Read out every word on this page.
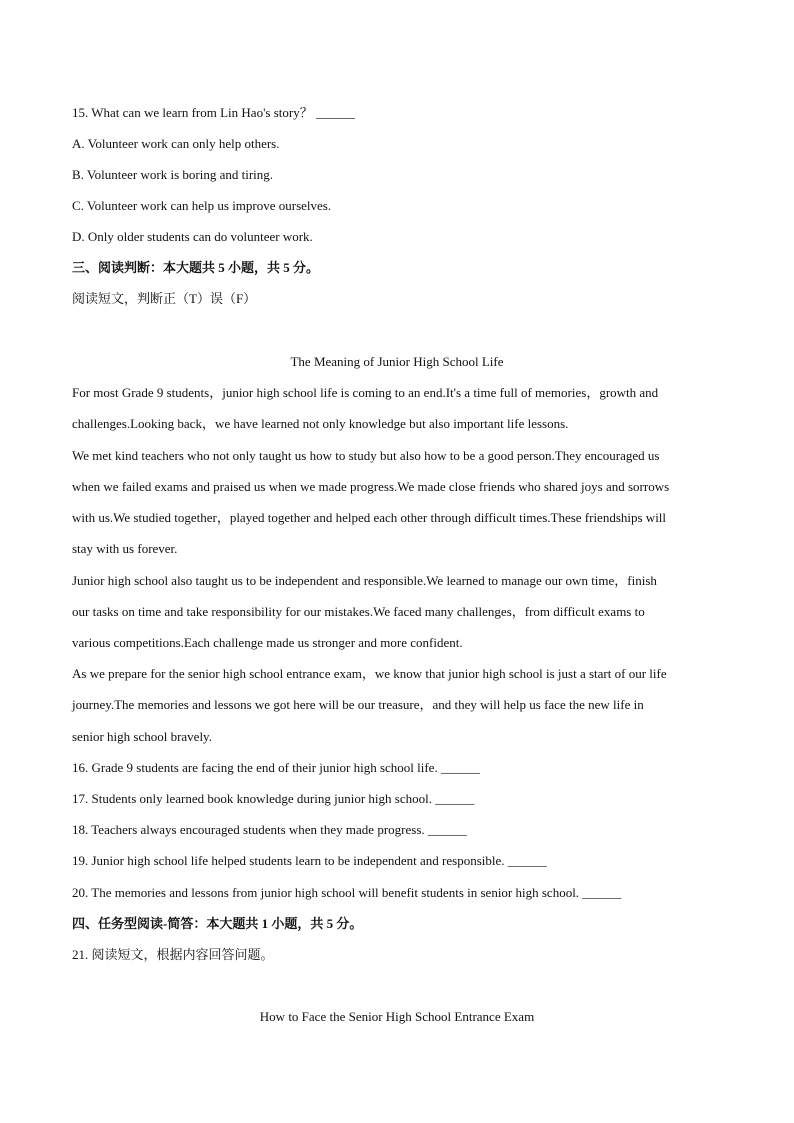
15. What can we learn from Lin Hao's story？ ______
A. Volunteer work can only help others.
B. Volunteer work is boring and tiring.
C. Volunteer work can help us improve ourselves.
D. Only older students can do volunteer work.
三、阅读判断：本大题共 5 小题，共 5 分。
阅读短文，判断正（T）误（F）
The Meaning of Junior High School Life
For most Grade 9 students，junior high school life is coming to an end.It's a time full of memories，growth and
challenges.Looking back，we have learned not only knowledge but also important life lessons.
We met kind teachers who not only taught us how to study but also how to be a good person.They encouraged us
when we failed exams and praised us when we made progress.We made close friends who shared joys and sorrows
with us.We studied together，played together and helped each other through difficult times.These friendships will
stay with us forever.
Junior high school also taught us to be independent and responsible.We learned to manage our own time，finish
our tasks on time and take responsibility for our mistakes.We faced many challenges，from difficult exams to
various competitions.Each challenge made us stronger and more confident.
As we prepare for the senior high school entrance exam，we know that junior high school is just a start of our life
journey.The memories and lessons we got here will be our treasure，and they will help us face the new life in
senior high school bravely.
16. Grade 9 students are facing the end of their junior high school life. ______
17. Students only learned book knowledge during junior high school. ______
18. Teachers always encouraged students when they made progress. ______
19. Junior high school life helped students learn to be independent and responsible. ______
20. The memories and lessons from junior high school will benefit students in senior high school. ______
四、任务型阅读-简答：本大题共 1 小题，共 5 分。
21. 阅读短文，根据内容回答问题。
How to Face the Senior High School Entrance Exam
